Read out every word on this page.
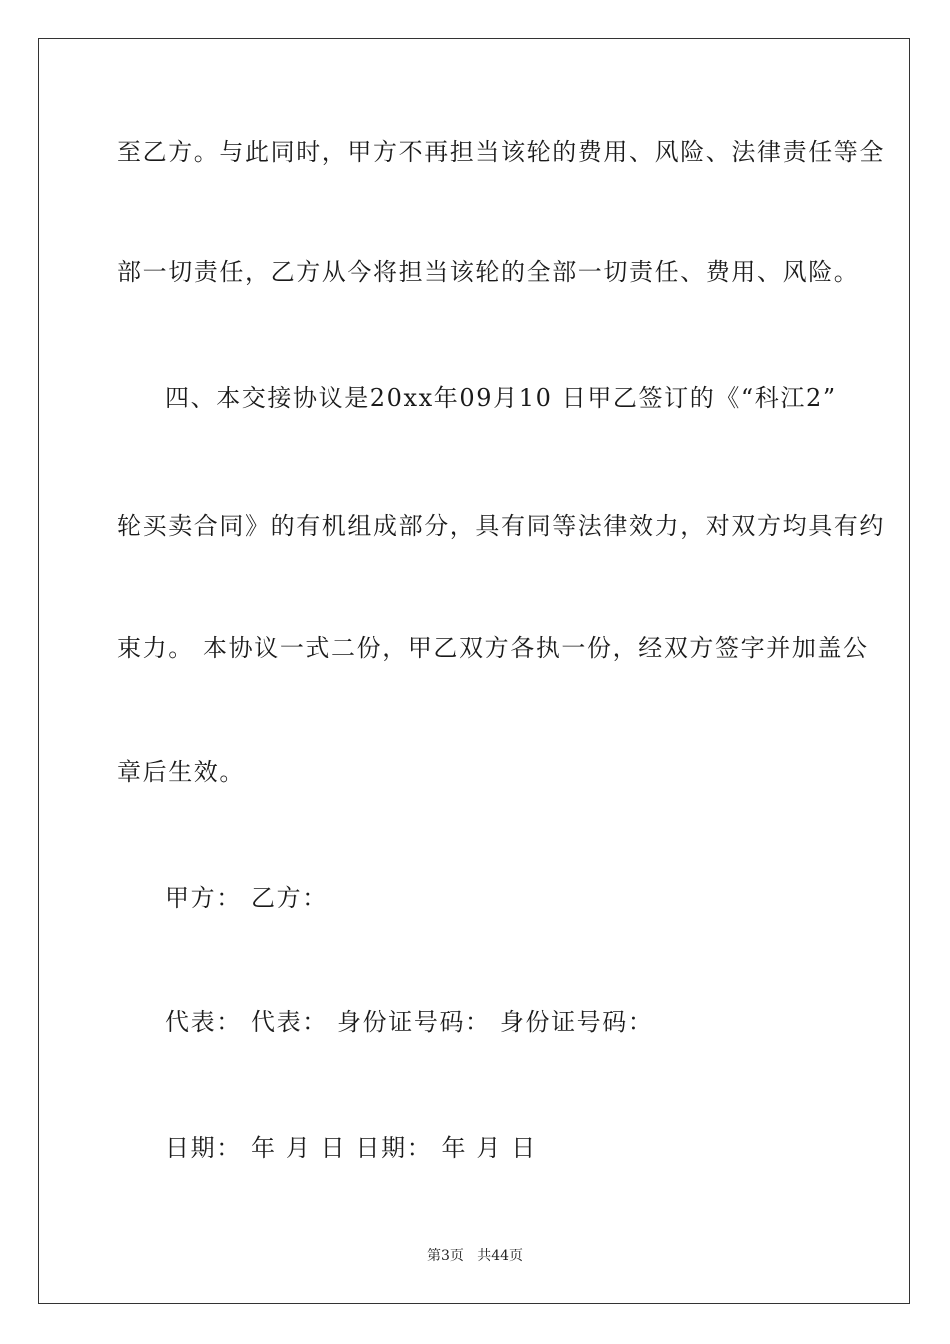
至乙方。与此同时，甲方不再担当该轮的费用、风险、法律责任等全
部一切责任，乙方从今将担当该轮的全部一切责任、费用、风险。
四、本交接协议是20xx年09月10 日甲乙签订的《“科江2”
轮买卖合同》的有机组成部分，具有同等法律效力，对双方均具有约
束力。 本协议一式二份，甲乙双方各执一份，经双方签字并加盖公
章后生效。
甲方： 乙方：
代表： 代表： 身份证号码： 身份证号码：
日期： 年 月 日 日期： 年 月 日
第3页   共44页
